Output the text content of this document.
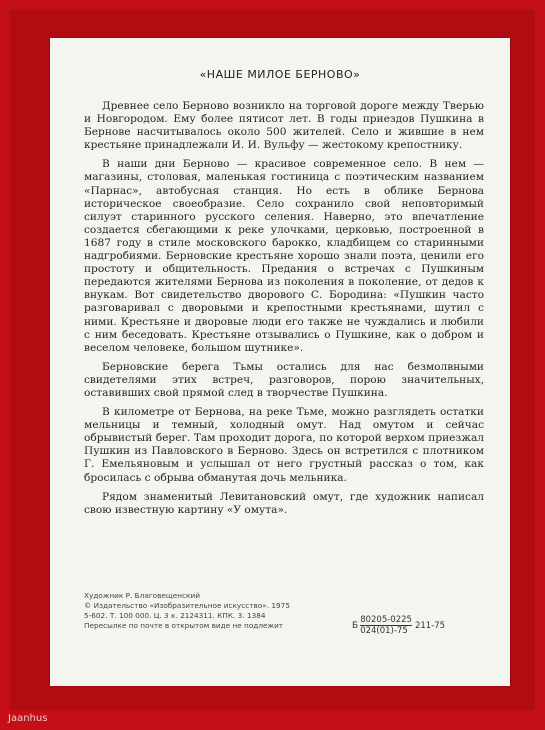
«НАШЕ МИЛОЕ БЕРНОВО»

Древнее село Берново возникло на торговой дороге между Тверью и Новгородом. Ему более пятисот лет. В годы приездов Пушкина в Бернове насчитывалось около 500 жителей. Село и жившие в нем крестьяне принадлежали И. И. Вульфу — жестокому крепостнику.

В наши дни Берново — красивое современное село. В нем — магазины, столовая, маленькая гостиница с поэтическим названием «Парнас», автобусная станция. Но есть в облике Бернова историческое своеобразие. Село сохранило свой неповторимый силуэт старинного русского селения. Наверно, это впечатление создается сбегающими к реке улочками, церковью, построенной в 1687 году в стиле московского барокко, кладбищем со старинными надгробиями. Берновские крестьяне хорошо знали поэта, ценили его простоту и общительность. Предания о встречах с Пушкиным передаются жителями Бернова из поколения в поколение, от дедов к внукам. Вот свидетельство дворового С. Бородина: «Пушкин часто разговаривал с дворовыми и крепостными крестьянами, шутил с ними. Крестьяне и дворовые люди его также не чуждались и любили с ним беседовать. Крестьяне отзывались о Пушкине, как о добром и веселом человеке, большом шутнике».

Берновские берега Тьмы остались для нас безмолвными свидетелями этих встреч, разговоров, порою значительных, оставивших свой прямой след в творчестве Пушкина.

В километре от Бернова, на реке Тьме, можно разглядеть остатки мельницы и темный, холодный омут. Над омутом и сейчас обрывистый берег. Там проходит дорога, по которой верхом приезжал Пушкин из Павловского в Берново. Здесь он встретился с плотником Г. Емельяновым и услышал от него грустный рассказ о том, как бросилась с обрыва обманутая дочь мельника.

Рядом знаменитый Левитановский омут, где художник написал свою известную картину «У омута».

Художник Р. Благовещенский
© Издательство «Изобразительное искусство». 1975
5-602. Т. 100 000. Ц. 3 к. 2124311. КПК. 3. 1384
Пересылке по почте в открытом виде не подлежит	Б $\frac{80205-0225}{024(01)-75} 211-75$
Jaanhus
